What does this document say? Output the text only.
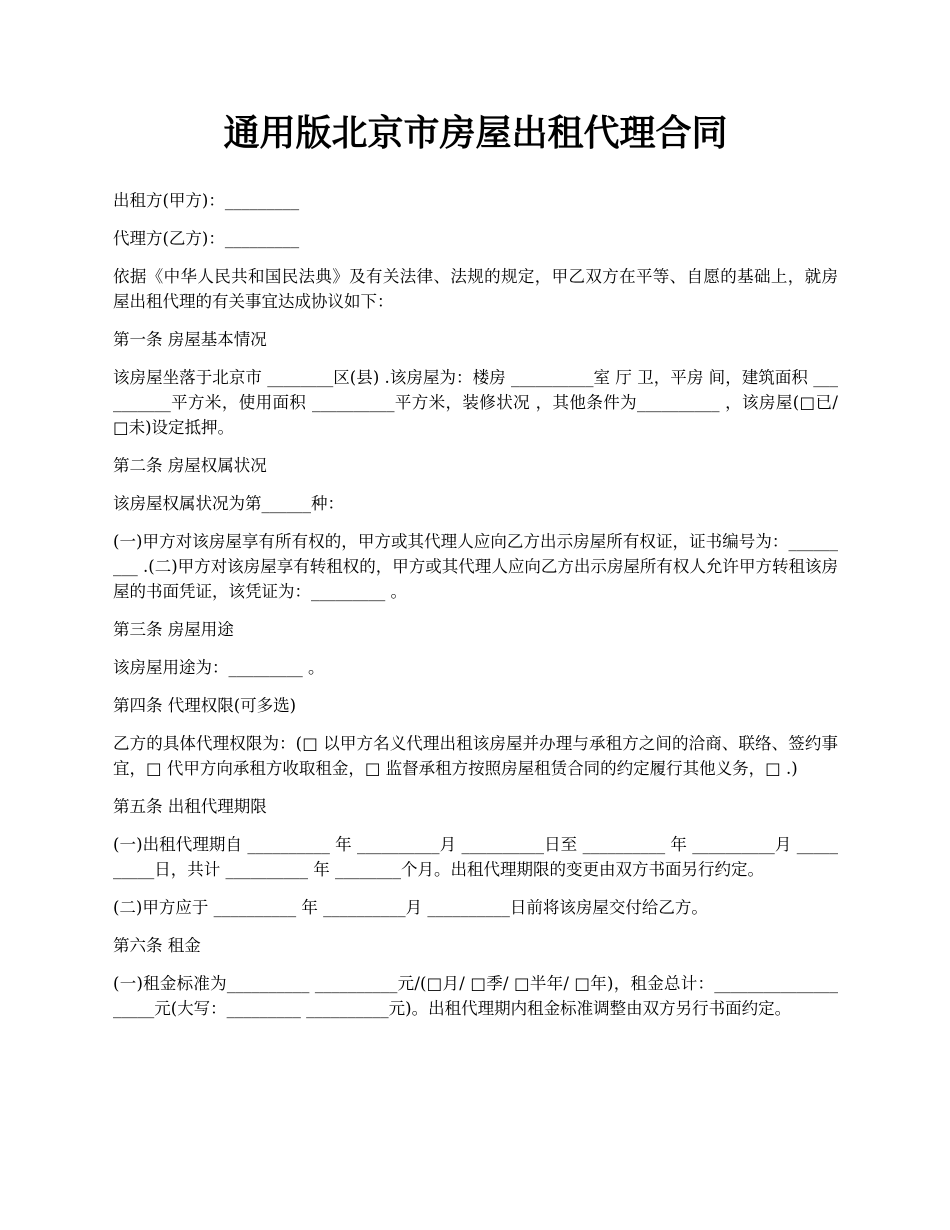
通用版北京市房屋出租代理合同

出租方(甲方)：_________

代理方(乙方)：_________

依据《中华人民共和国民法典》及有关法律、法规的规定，甲乙双方在平等、自愿的基础上，就房屋出租代理的有关事宜达成协议如下：

第一条 房屋基本情况

该房屋坐落于北京市 ________区(县) .该房屋为：楼房 __________室 厅 卫，平房 间，建筑面积 __________平方米，使用面积 __________平方米，装修状况 ，其他条件为__________ ，该房屋(□已/ □未)设定抵押。

第二条 房屋权属状况

该房屋权属状况为第______种：

(一)甲方对该房屋享有所有权的，甲方或其代理人应向乙方出示房屋所有权证，证书编号为：_________ .(二)甲方对该房屋享有转租权的，甲方或其代理人应向乙方出示房屋所有权人允许甲方转租该房屋的书面凭证，该凭证为：_________ 。

第三条 房屋用途

该房屋用途为：_________ 。

第四条 代理权限(可多选)

乙方的具体代理权限为：(□ 以甲方名义代理出租该房屋并办理与承租方之间的洽商、联络、签约事宜，□ 代甲方向承租方收取租金，□ 监督承租方按照房屋租赁合同的约定履行其他义务，□ .)

第五条 出租代理期限

(一)出租代理期自 __________ 年 __________月 __________日至 __________ 年 __________月 __________日，共计 __________ 年 ________个月。出租代理期限的变更由双方书面另行约定。

(二)甲方应于 __________ 年 __________月 __________日前将该房屋交付给乙方。

第六条 租金

(一)租金标准为__________ __________元/(□月/ □季/ □半年/ □年)，租金总计：____________________元(大写：_________ __________元)。出租代理期内租金标准调整由双方另行书面约定。
